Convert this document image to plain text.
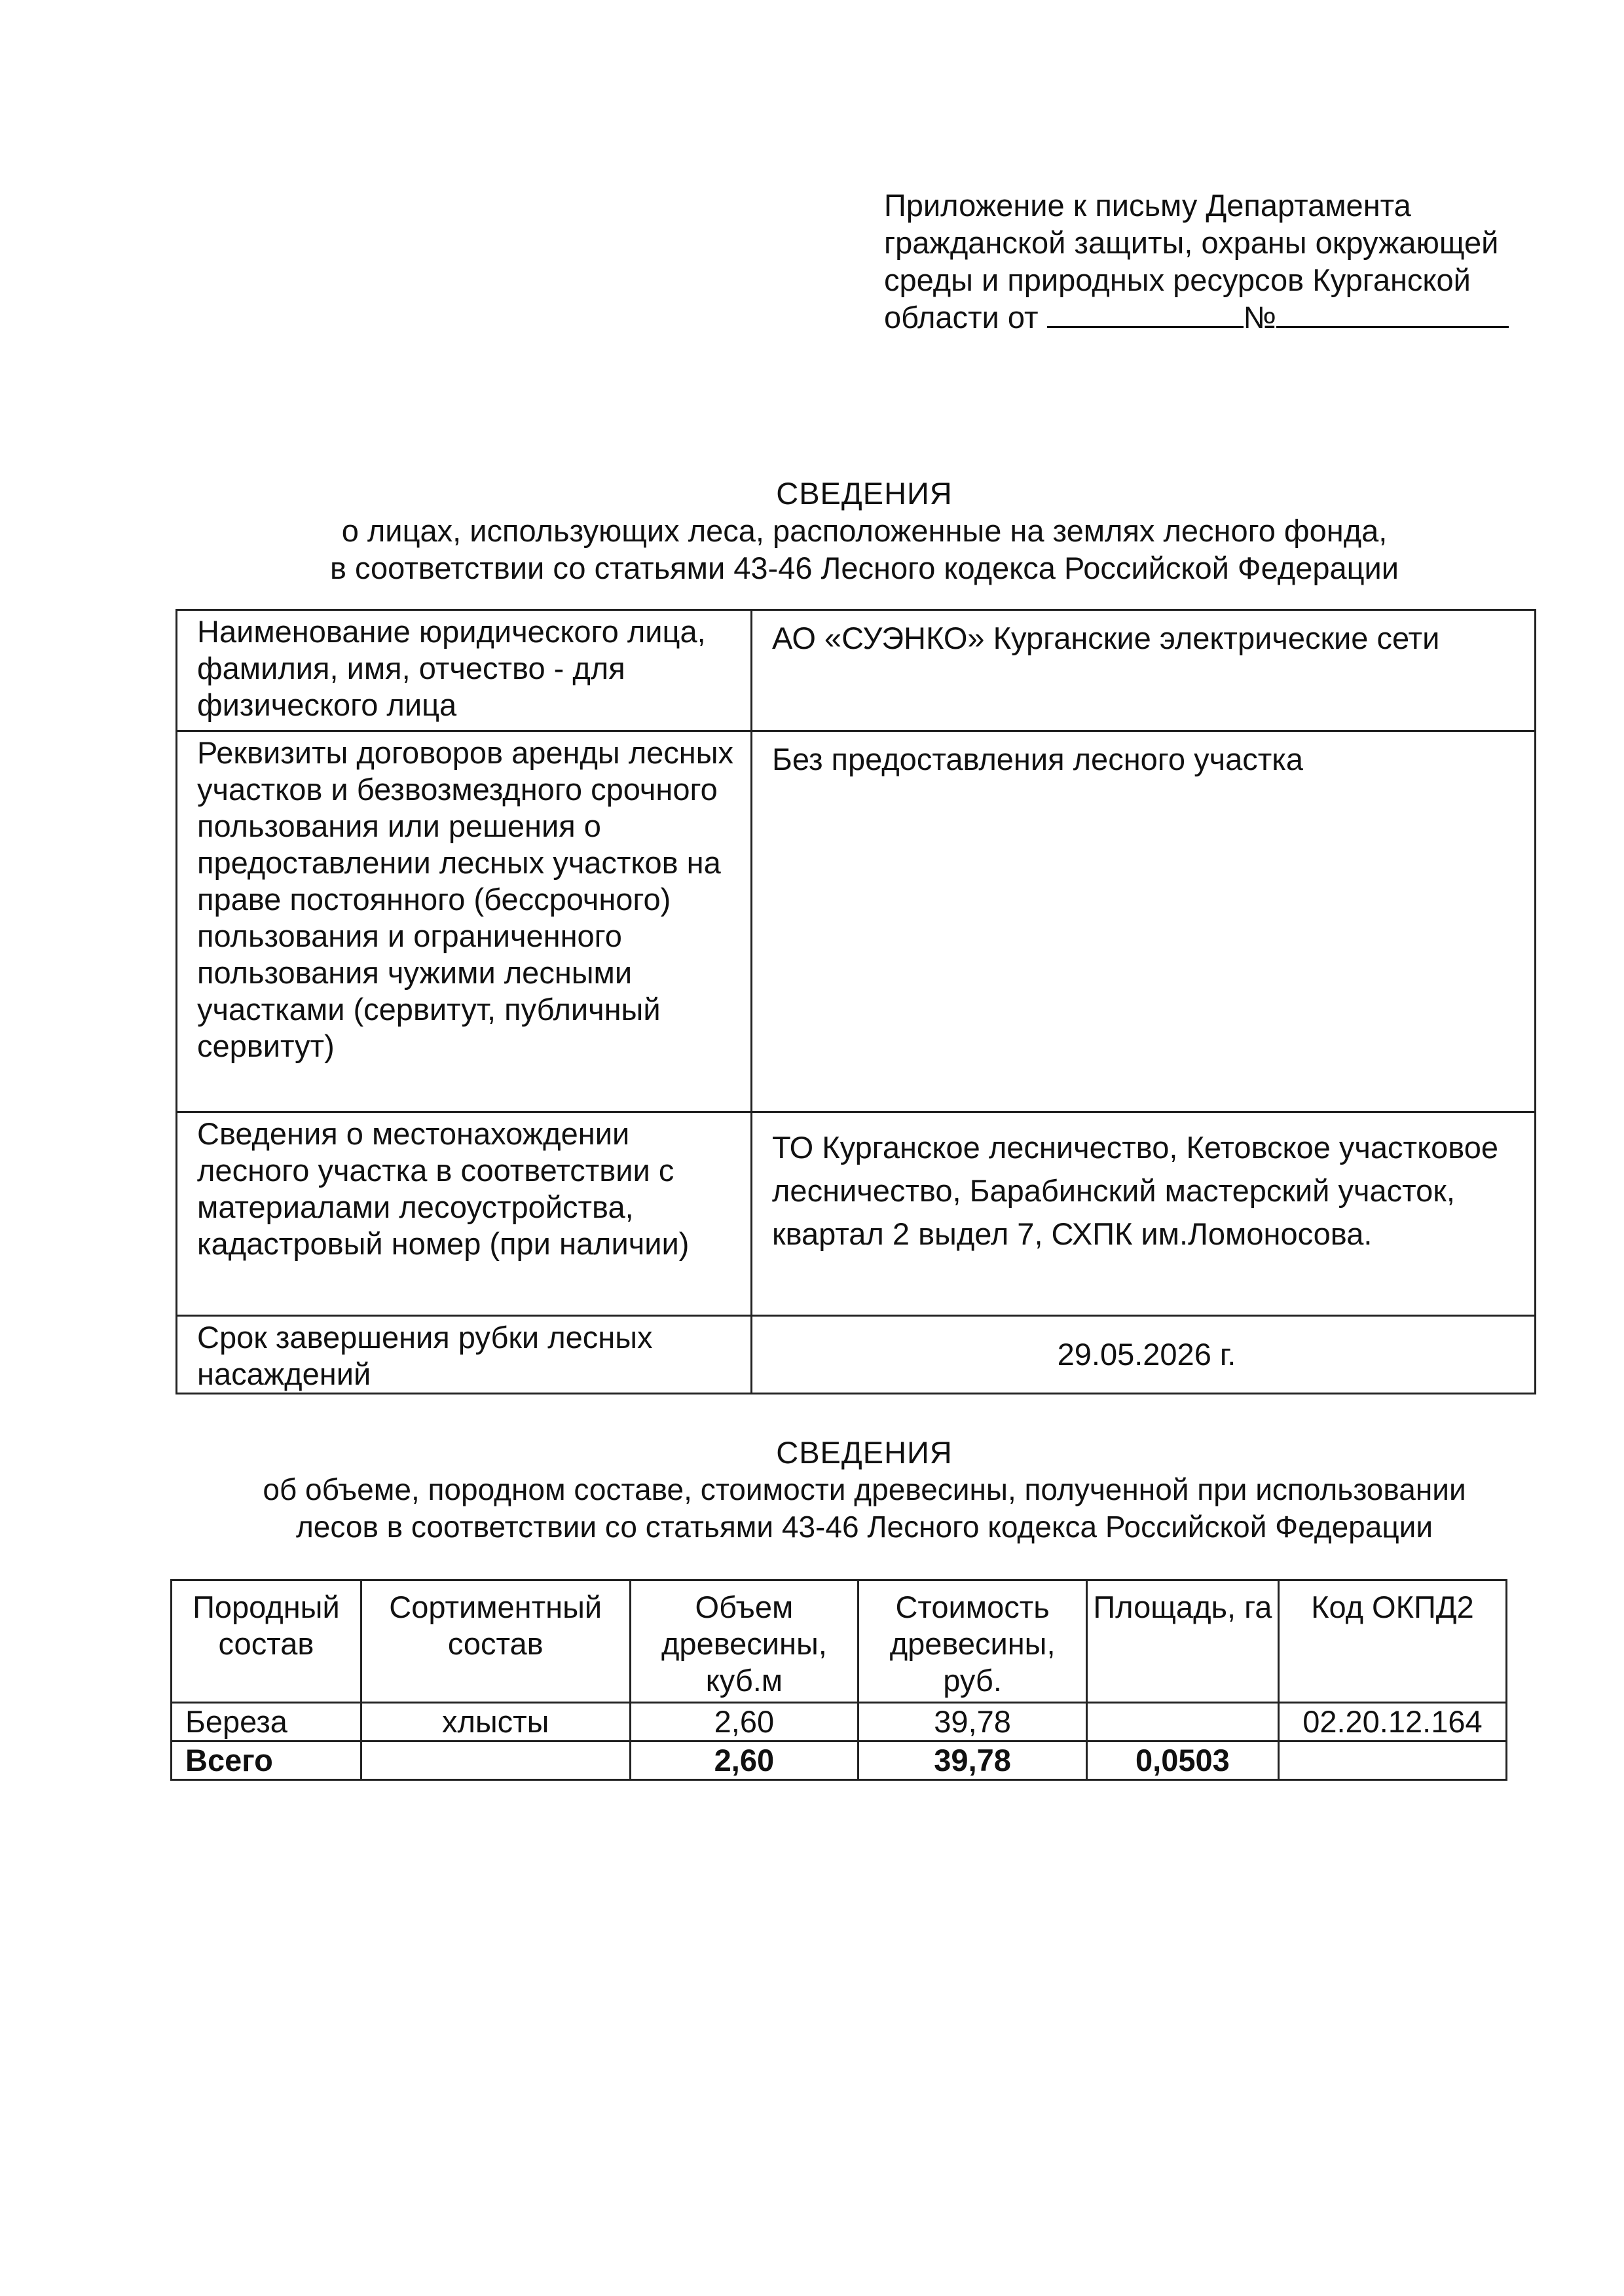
Приложение к письму Департамента
гражданской защиты, охраны окружающей
среды и природных ресурсов Курганской
области от	№
СВЕДЕНИЯ
о лицах, использующих леса, расположенные на землях лесного фонда,
в соответствии со статьями 43-46 Лесного кодекса Российской Федерации
Наименование юридического лица, фамилия, имя, отчество - для физического лица	АО «СУЭНКО» Курганские электрические сети
Реквизиты договоров аренды лесных участков и безвозмездного срочного пользования или решения о предоставлении лесных участков на праве постоянного (бессрочного) пользования и ограниченного пользования чужими лесными участками (сервитут, публичный сервитут)	Без предоставления лесного участка
Сведения о местонахождении лесного участка в соответствии с материалами лесоустройства, кадастровый номер (при наличии)	ТО Курганское лесничество, Кетовское участковое лесничество, Барабинский мастерский участок, квартал 2 выдел 7, СХПК им.Ломоносова.
Срок завершения рубки лесных насаждений	29.05.2026 г.
СВЕДЕНИЯ
об объеме, породном составе, стоимости древесины, полученной при использовании
лесов в соответствии со статьями 43-46 Лесного кодекса Российской Федерации
Породный состав	Сортиментный состав	Объем древесины, куб.м	Стоимость древесины, руб.	Площадь, га	Код ОКПД2
Береза	хлысты	2,60	39,78		02.20.12.164
Всего		2,60	39,78	0,0503	
